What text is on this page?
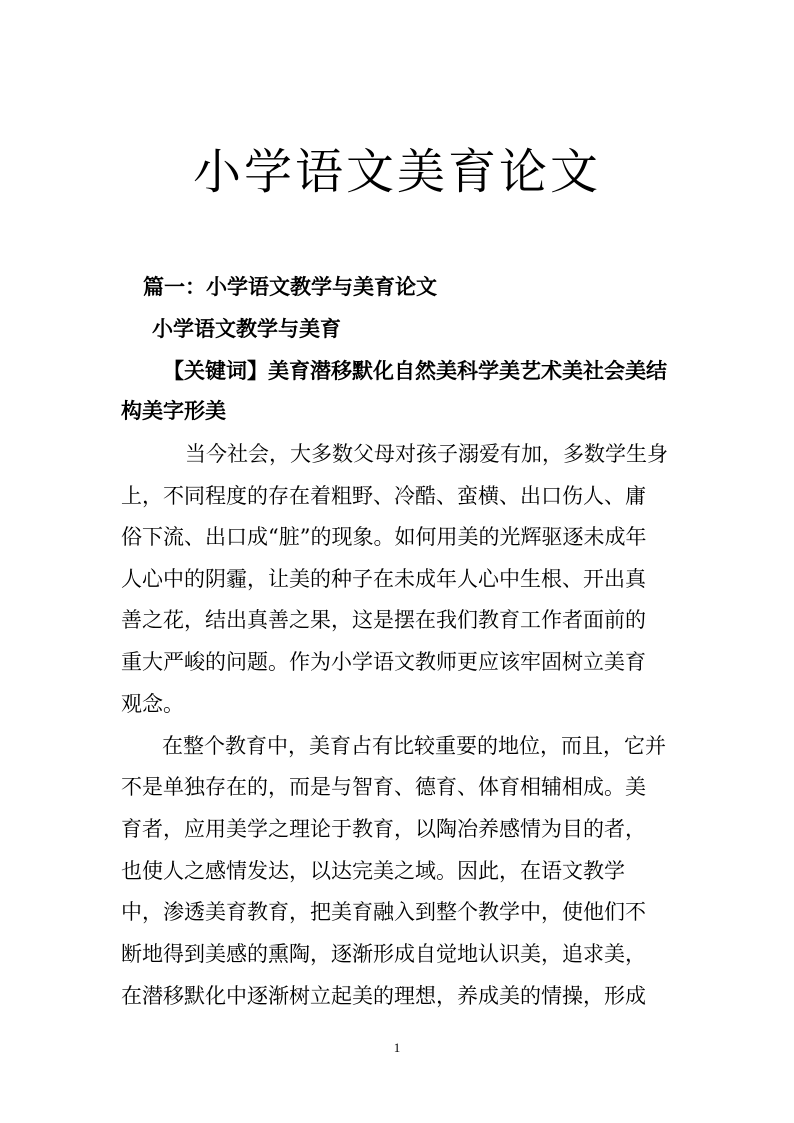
小学语文美育论文
篇一：小学语文教学与美育论文
小学语文教学与美育
【关键词】美育潜移默化自然美科学美艺术美社会美结
构美字形美
当今社会，大多数父母对孩子溺爱有加，多数学生身
上，不同程度的存在着粗野、冷酷、蛮横、出口伤人、庸
俗下流、出口成“脏”的现象。如何用美的光辉驱逐未成年
人心中的阴霾，让美的种子在未成年人心中生根、开出真
善之花，结出真善之果，这是摆在我们教育工作者面前的
重大严峻的问题。作为小学语文教师更应该牢固树立美育
观念。
在整个教育中，美育占有比较重要的地位，而且，它并
不是单独存在的，而是与智育、德育、体育相辅相成。美
育者，应用美学之理论于教育，以陶冶养感情为目的者，
也使人之感情发达，以达完美之域。因此，在语文教学
中，渗透美育教育，把美育融入到整个教学中，使他们不
断地得到美感的熏陶，逐渐形成自觉地认识美，追求美，
在潜移默化中逐渐树立起美的理想，养成美的情操，形成
1
